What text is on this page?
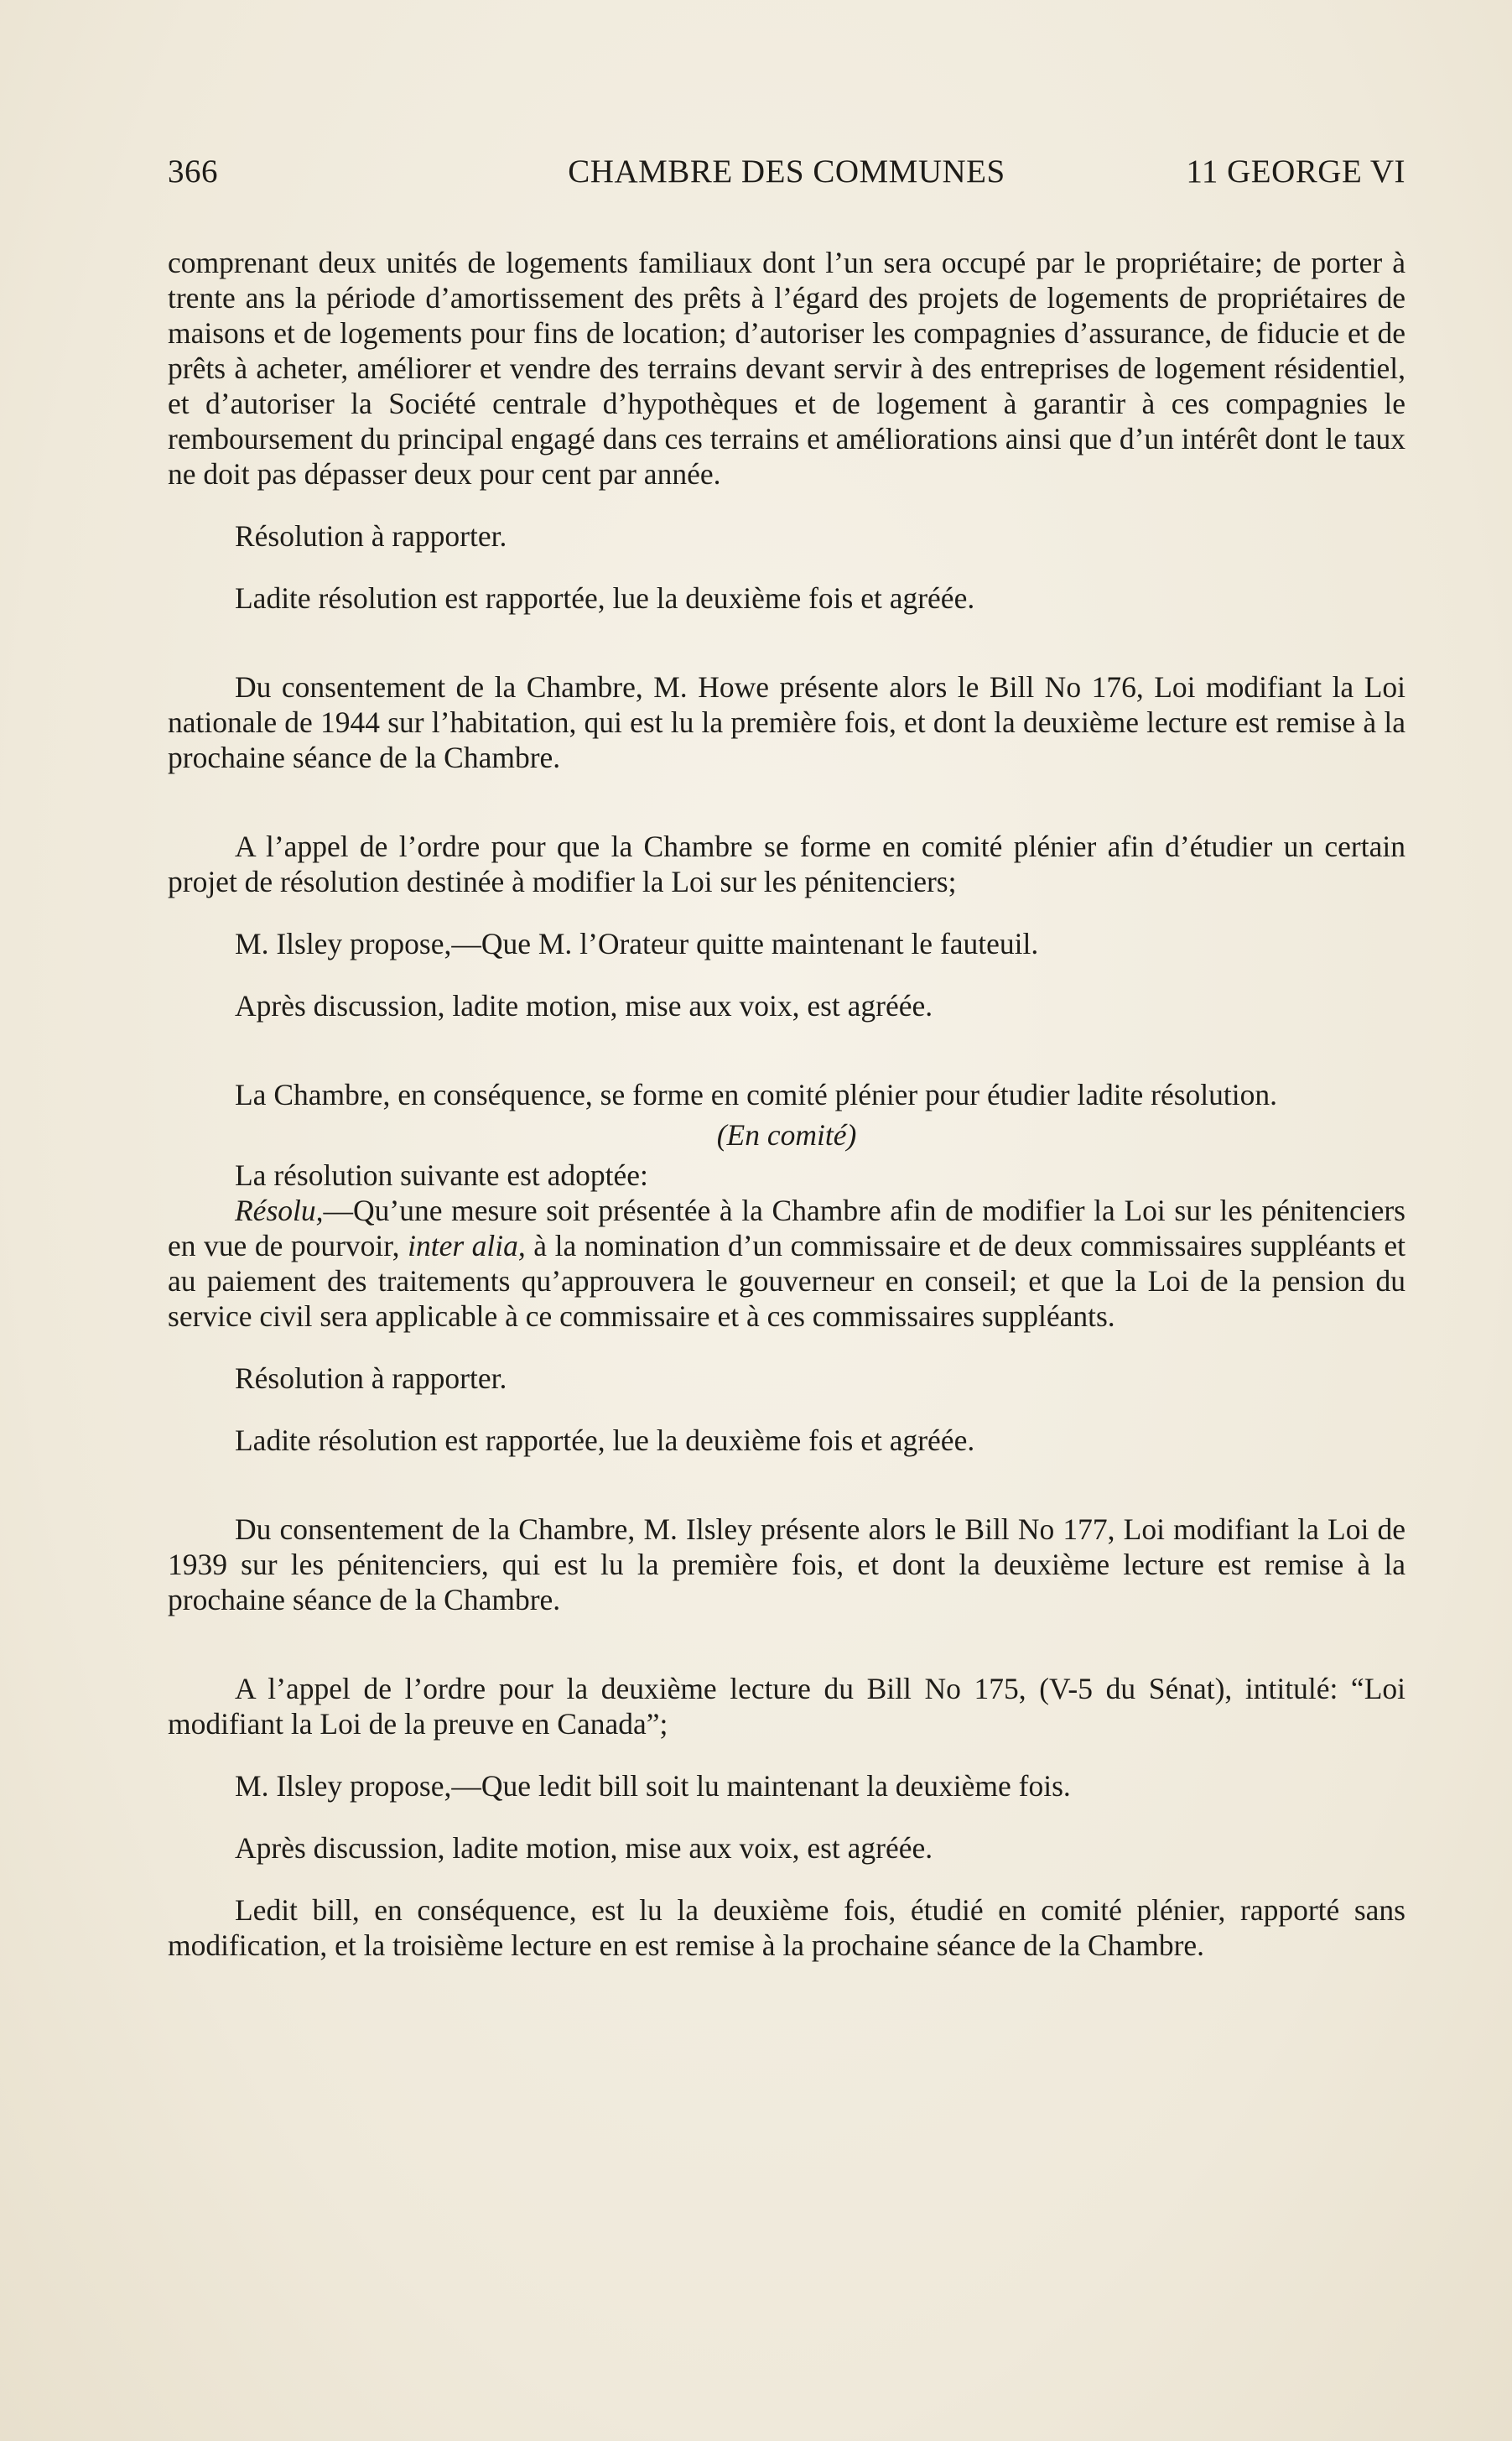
366	CHAMBRE DES COMMUNES	11 GEORGE VI

comprenant deux unités de logements familiaux dont l’un sera occupé par le propriétaire; de porter à trente ans la période d’amortissement des prêts à l’égard des projets de logements de propriétaires de maisons et de logements pour fins de location; d’autoriser les compagnies d’assurance, de fiducie et de prêts à acheter, améliorer et vendre des terrains devant servir à des entreprises de logement résidentiel, et d’autoriser la Société centrale d’hypothèques et de logement à garantir à ces compagnies le remboursement du principal engagé dans ces terrains et améliorations ainsi que d’un intérêt dont le taux ne doit pas dépasser deux pour cent par année.

Résolution à rapporter.

Ladite résolution est rapportée, lue la deuxième fois et agréée.

Du consentement de la Chambre, M. Howe présente alors le Bill No 176, Loi modifiant la Loi nationale de 1944 sur l’habitation, qui est lu la première fois, et dont la deuxième lecture est remise à la prochaine séance de la Chambre.

A l’appel de l’ordre pour que la Chambre se forme en comité plénier afin d’étudier un certain projet de résolution destinée à modifier la Loi sur les pénitenciers;

M. Ilsley propose,—Que M. l’Orateur quitte maintenant le fauteuil.

Après discussion, ladite motion, mise aux voix, est agréée.

La Chambre, en conséquence, se forme en comité plénier pour étudier ladite résolution.

(En comité)

La résolution suivante est adoptée:

Résolu,—Qu’une mesure soit présentée à la Chambre afin de modifier la Loi sur les pénitenciers en vue de pourvoir, inter alia, à la nomination d’un commissaire et de deux commissaires suppléants et au paiement des traitements qu’approuvera le gouverneur en conseil; et que la Loi de la pension du service civil sera applicable à ce commissaire et à ces commissaires suppléants.

Résolution à rapporter.

Ladite résolution est rapportée, lue la deuxième fois et agréée.

Du consentement de la Chambre, M. Ilsley présente alors le Bill No 177, Loi modifiant la Loi de 1939 sur les pénitenciers, qui est lu la première fois, et dont la deuxième lecture est remise à la prochaine séance de la Chambre.

A l’appel de l’ordre pour la deuxième lecture du Bill No 175, (V-5 du Sénat), intitulé: “Loi modifiant la Loi de la preuve en Canada”;

M. Ilsley propose,—Que ledit bill soit lu maintenant la deuxième fois.

Après discussion, ladite motion, mise aux voix, est agréée.

Ledit bill, en conséquence, est lu la deuxième fois, étudié en comité plénier, rapporté sans modification, et la troisième lecture en est remise à la prochaine séance de la Chambre.
